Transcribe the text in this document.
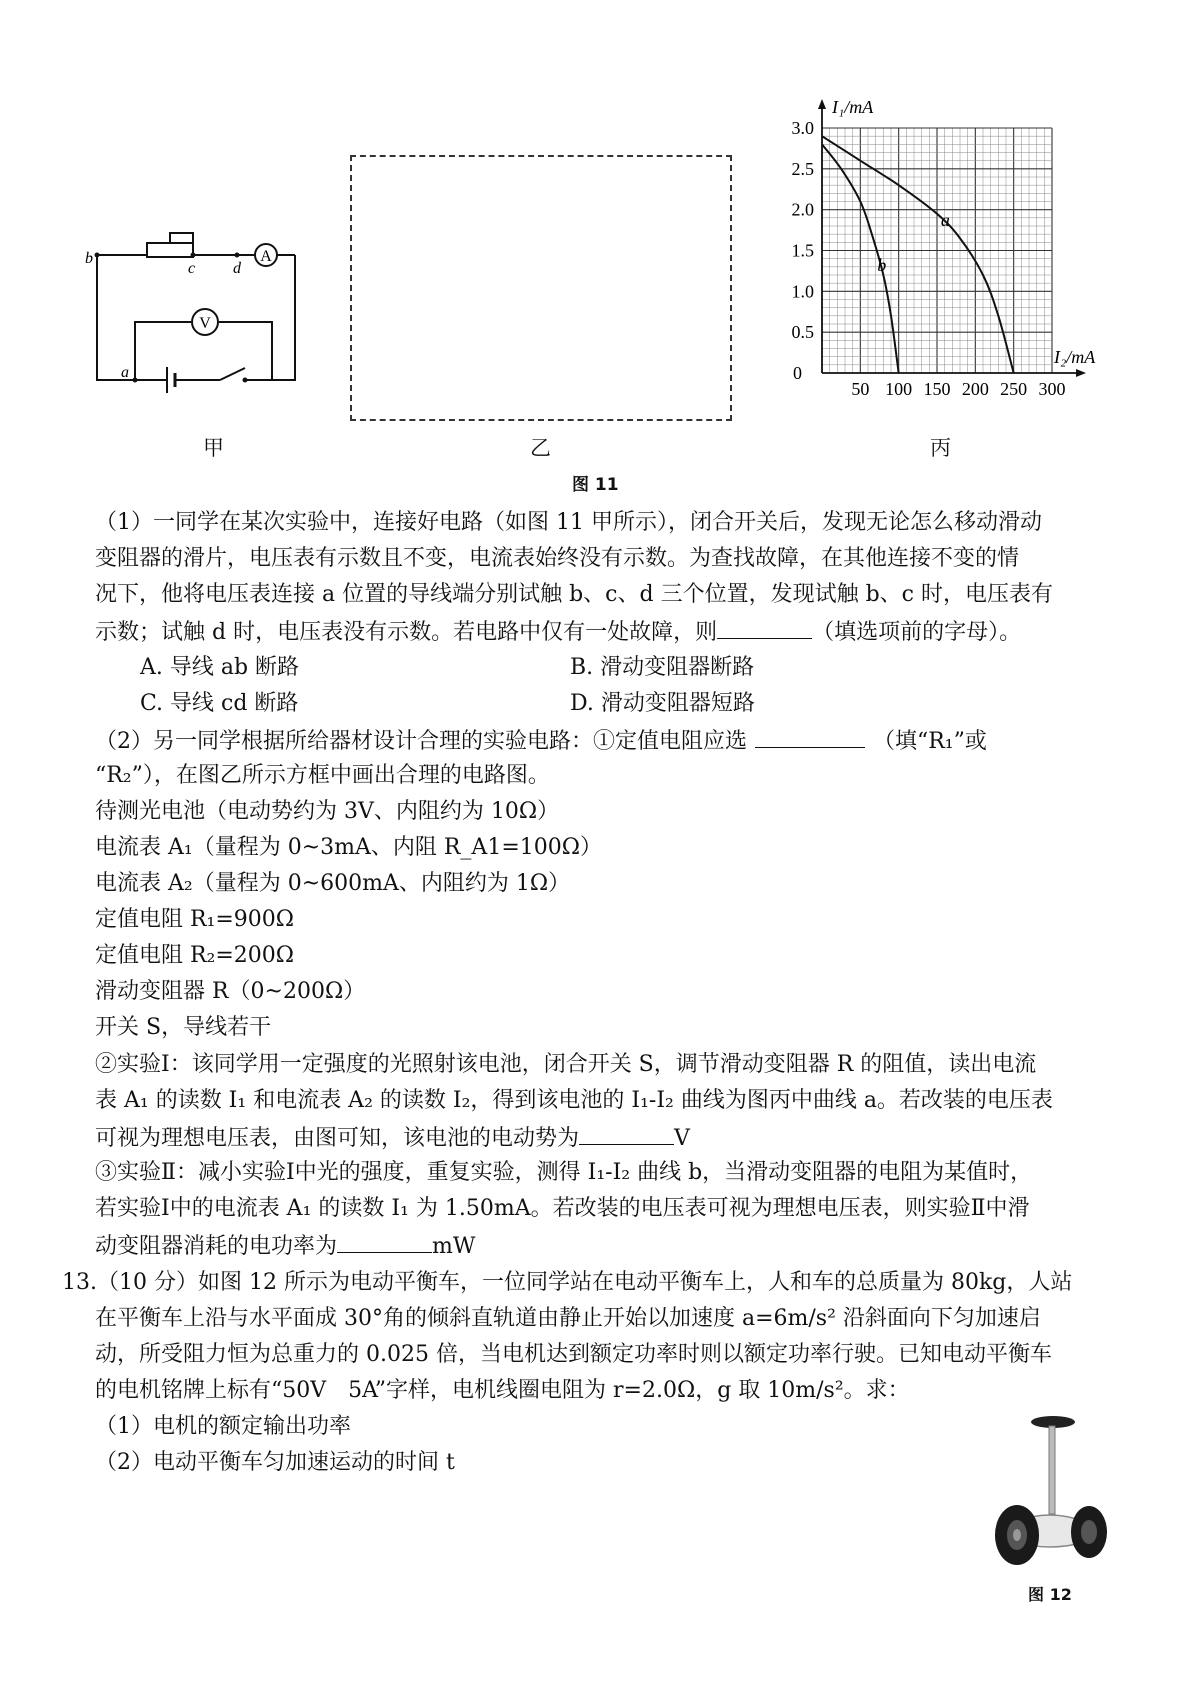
A
V
b
c d
a
甲	乙
50 100 150 200 250 300
3.0
2.5
2.0
1.5
1.0
0.5
0
I₁/mA
I₂/mA
a
b
丙
图 11
（1）一同学在某次实验中，连接好电路（如图 11 甲所示），闭合开关后，发现无论怎么移动滑动
变阻器的滑片，电压表有示数且不变，电流表始终没有示数。为查找故障，在其他连接不变的情
况下，他将电压表连接 a 位置的导线端分别试触 b、c、d 三个位置，发现试触 b、c 时，电压表有
示数；试触 d 时，电压表没有示数。若电路中仅有一处故障，则	（填选项前的字母）。
A. 导线 ab 断路	B. 滑动变阻器断路
C. 导线 cd 断路	D. 滑动变阻器短路
（2）另一同学根据所给器材设计合理的实验电路：①定值电阻应选	（填“R₁”或
“R₂”），在图乙所示方框中画出合理的电路图。
待测光电池（电动势约为 3V、内阻约为 10Ω）
电流表 A₁（量程为 0~3mA、内阻 R_A1=100Ω）
电流表 A₂（量程为 0~600mA、内阻约为 1Ω）
定值电阻 R₁=900Ω
定值电阻 R₂=200Ω
滑动变阻器 R（0~200Ω）
开关 S，导线若干
②实验Ⅰ：该同学用一定强度的光照射该电池，闭合开关 S，调节滑动变阻器 R 的阻值，读出电流
表 A₁ 的读数 I₁ 和电流表 A₂ 的读数 I₂，得到该电池的 I₁-I₂ 曲线为图丙中曲线 a。若改装的电压表
可视为理想电压表，由图可知，该电池的电动势为	V
③实验Ⅱ：减小实验Ⅰ中光的强度，重复实验，测得 I₁-I₂ 曲线 b，当滑动变阻器的电阻为某值时，
若实验Ⅰ中的电流表 A₁ 的读数 I₁ 为 1.50mA。若改装的电压表可视为理想电压表，则实验Ⅱ中滑
动变阻器消耗的电功率为	mW
13.（10 分）如图 12 所示为电动平衡车，一位同学站在电动平衡车上，人和车的总质量为 80kg，人站
在平衡车上沿与水平面成 30°角的倾斜直轨道由静止开始以加速度 a=6m/s² 沿斜面向下匀加速启
动，所受阻力恒为总重力的 0.025 倍，当电机达到额定功率时则以额定功率行驶。已知电动平衡车
的电机铭牌上标有“50V　5A”字样，电机线圈电阻为 r=2.0Ω，g 取 10m/s²。求：
（1）电机的额定输出功率
（2）电动平衡车匀加速运动的时间 t
图 12
